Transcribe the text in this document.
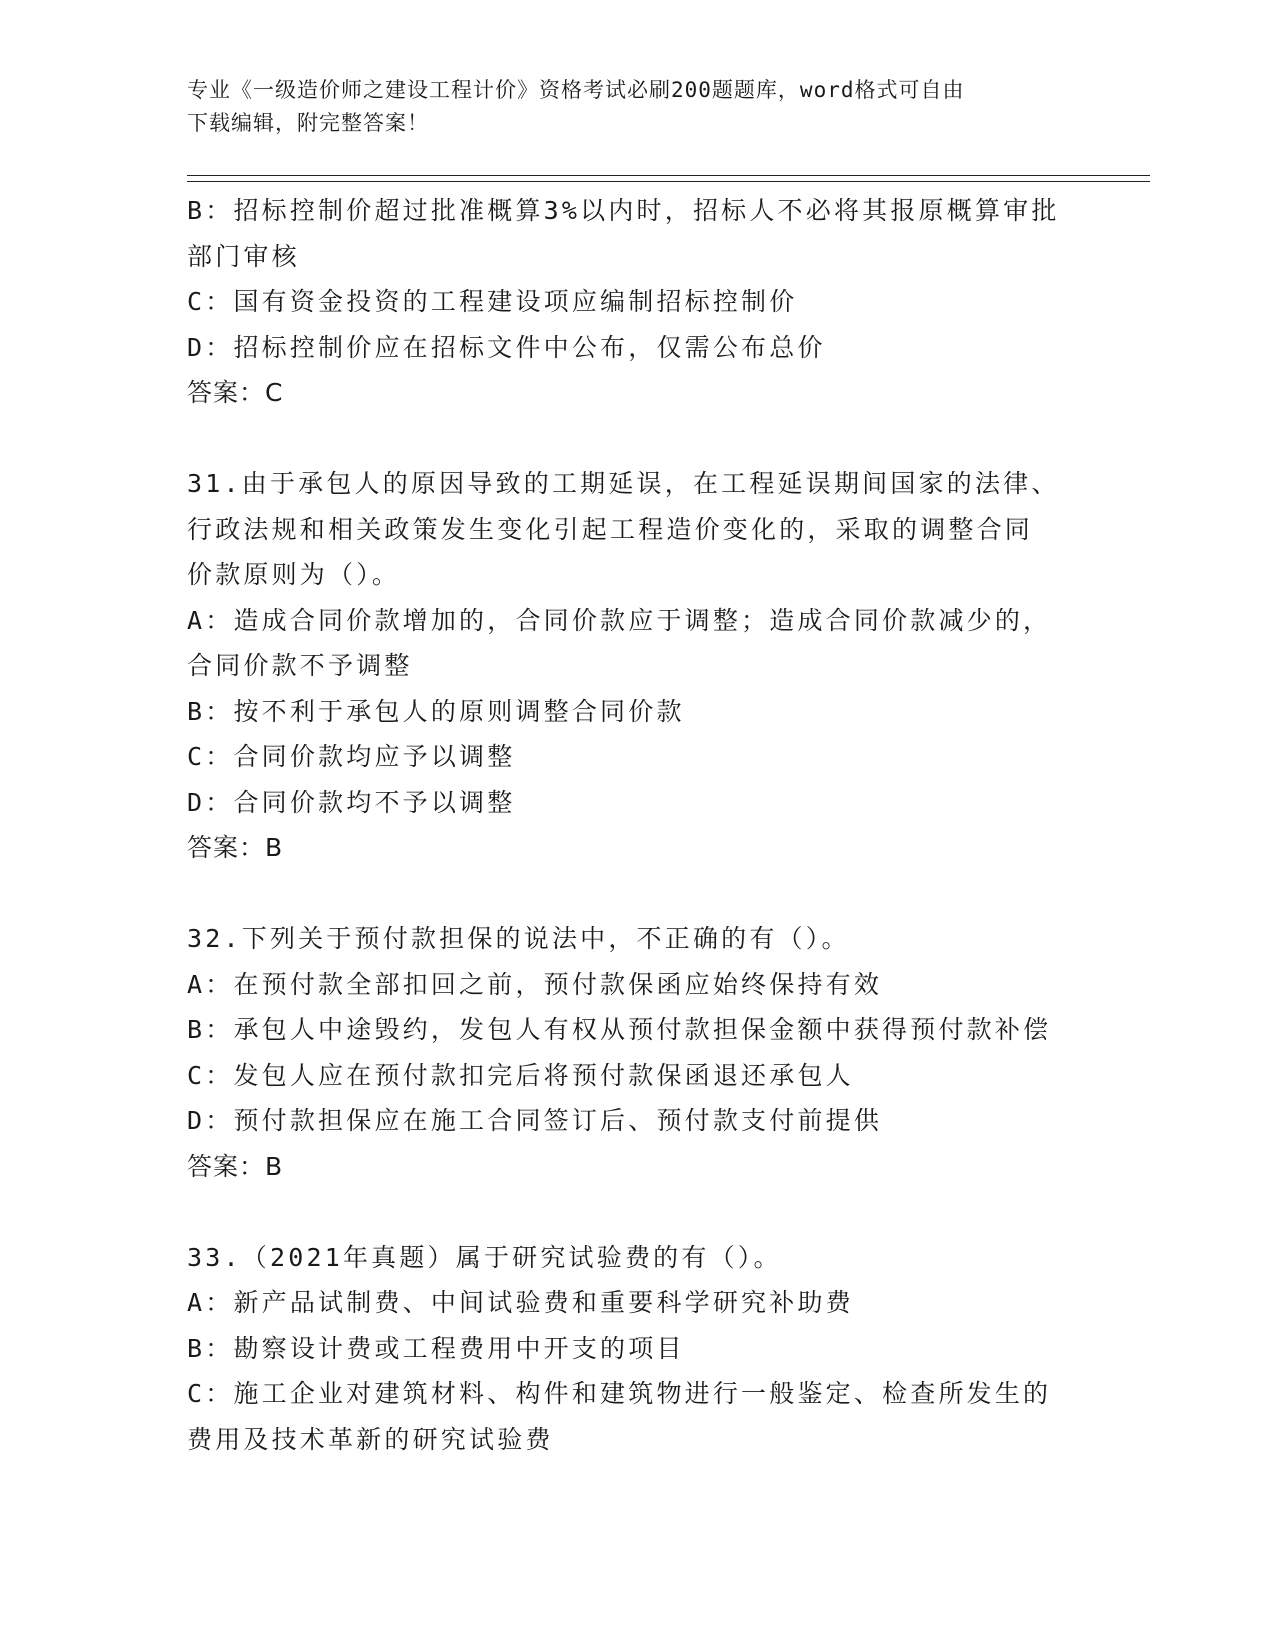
专业《一级造价师之建设工程计价》资格考试必刷200题题库，word格式可自由
下载编辑，附完整答案！
B：招标控制价超过批准概算3%以内时，招标人不必将其报原概算审批
部门审核
C：国有资金投资的工程建设项应编制招标控制价
D：招标控制价应在招标文件中公布，仅需公布总价
答案：C
31.由于承包人的原因导致的工期延误，在工程延误期间国家的法律、
行政法规和相关政策发生变化引起工程造价变化的，采取的调整合同
价款原则为（）。
A：造成合同价款增加的，合同价款应于调整；造成合同价款减少的，
合同价款不予调整
B：按不利于承包人的原则调整合同价款
C：合同价款均应予以调整
D：合同价款均不予以调整
答案：B
32.下列关于预付款担保的说法中，不正确的有（）。
A：在预付款全部扣回之前，预付款保函应始终保持有效
B：承包人中途毁约，发包人有权从预付款担保金额中获得预付款补偿
C：发包人应在预付款扣完后将预付款保函退还承包人
D：预付款担保应在施工合同签订后、预付款支付前提供
答案：B
33.（2021年真题）属于研究试验费的有（）。
A：新产品试制费、中间试验费和重要科学研究补助费
B：勘察设计费或工程费用中开支的项目
C：施工企业对建筑材料、构件和建筑物进行一般鉴定、检查所发生的
费用及技术革新的研究试验费
